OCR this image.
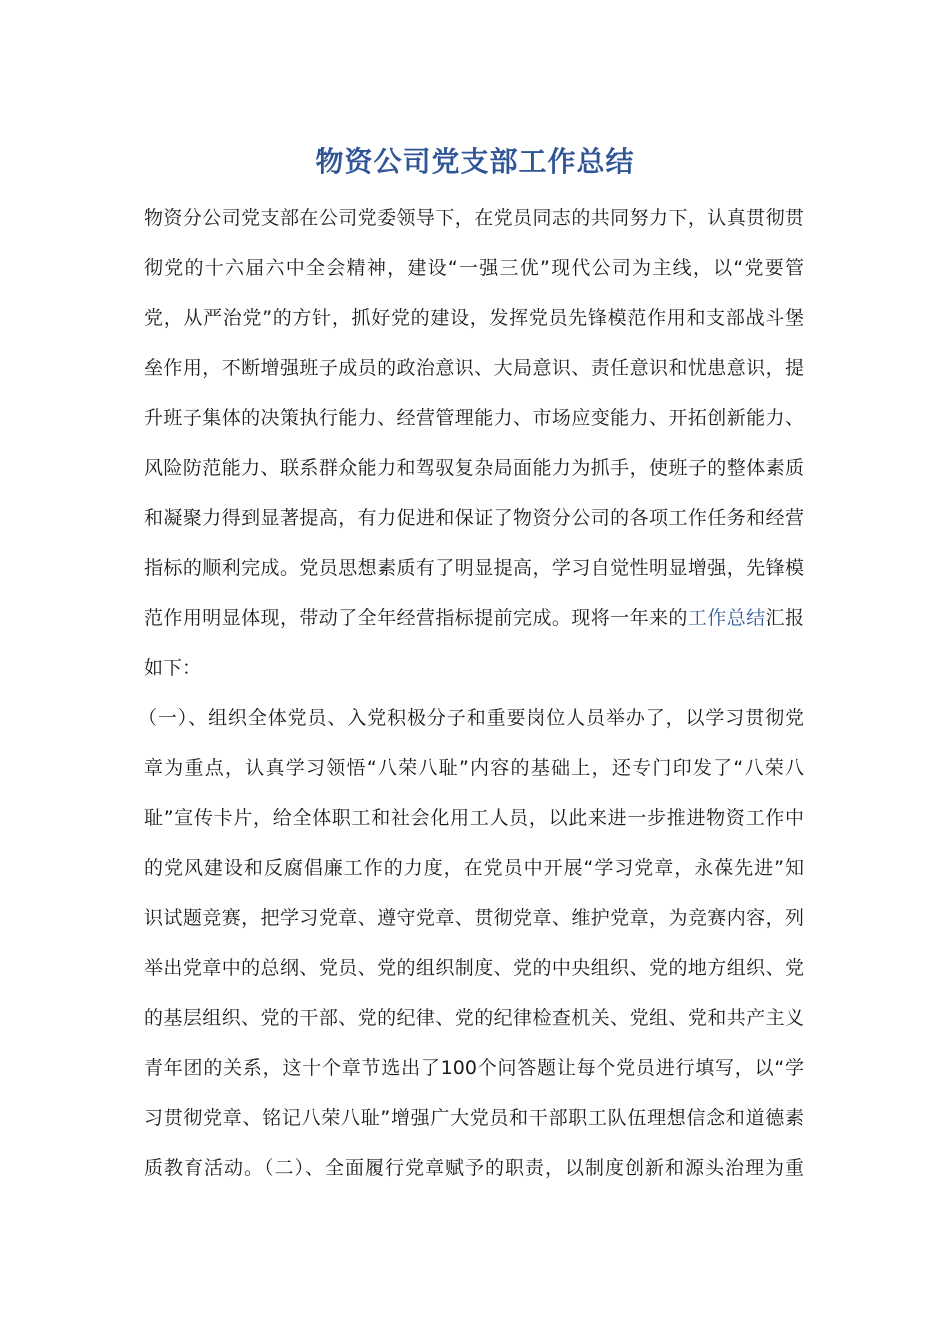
物资公司党支部工作总结
物资分公司党支部在公司党委领导下，在党员同志的共同努力下，认真贯彻贯
彻党的十六届六中全会精神，建设“一强三优”现代公司为主线，以“党要管
党，从严治党”的方针，抓好党的建设，发挥党员先锋模范作用和支部战斗堡
垒作用，不断增强班子成员的政治意识、大局意识、责任意识和忧患意识，提
升班子集体的决策执行能力、经营管理能力、市场应变能力、开拓创新能力、
风险防范能力、联系群众能力和驾驭复杂局面能力为抓手，使班子的整体素质
和凝聚力得到显著提高，有力促进和保证了物资分公司的各项工作任务和经营
指标的顺利完成。党员思想素质有了明显提高，学习自觉性明显增强，先锋模
范作用明显体现，带动了全年经营指标提前完成。现将一年来的工作总结汇报
如下：
（一）、组织全体党员、入党积极分子和重要岗位人员举办了，以学习贯彻党
章为重点，认真学习领悟“八荣八耻”内容的基础上，还专门印发了“八荣八
耻”宣传卡片，给全体职工和社会化用工人员，以此来进一步推进物资工作中
的党风建设和反腐倡廉工作的力度，在党员中开展“学习党章，永葆先进”知
识试题竞赛，把学习党章、遵守党章、贯彻党章、维护党章，为竞赛内容，列
举出党章中的总纲、党员、党的组织制度、党的中央组织、党的地方组织、党
的基层组织、党的干部、党的纪律、党的纪律检查机关、党组、党和共产主义
青年团的关系，这十个章节选出了100个问答题让每个党员进行填写，以“学
习贯彻党章、铭记八荣八耻”增强广大党员和干部职工队伍理想信念和道德素
质教育活动。（二）、全面履行党章赋予的职责，以制度创新和源头治理为重
